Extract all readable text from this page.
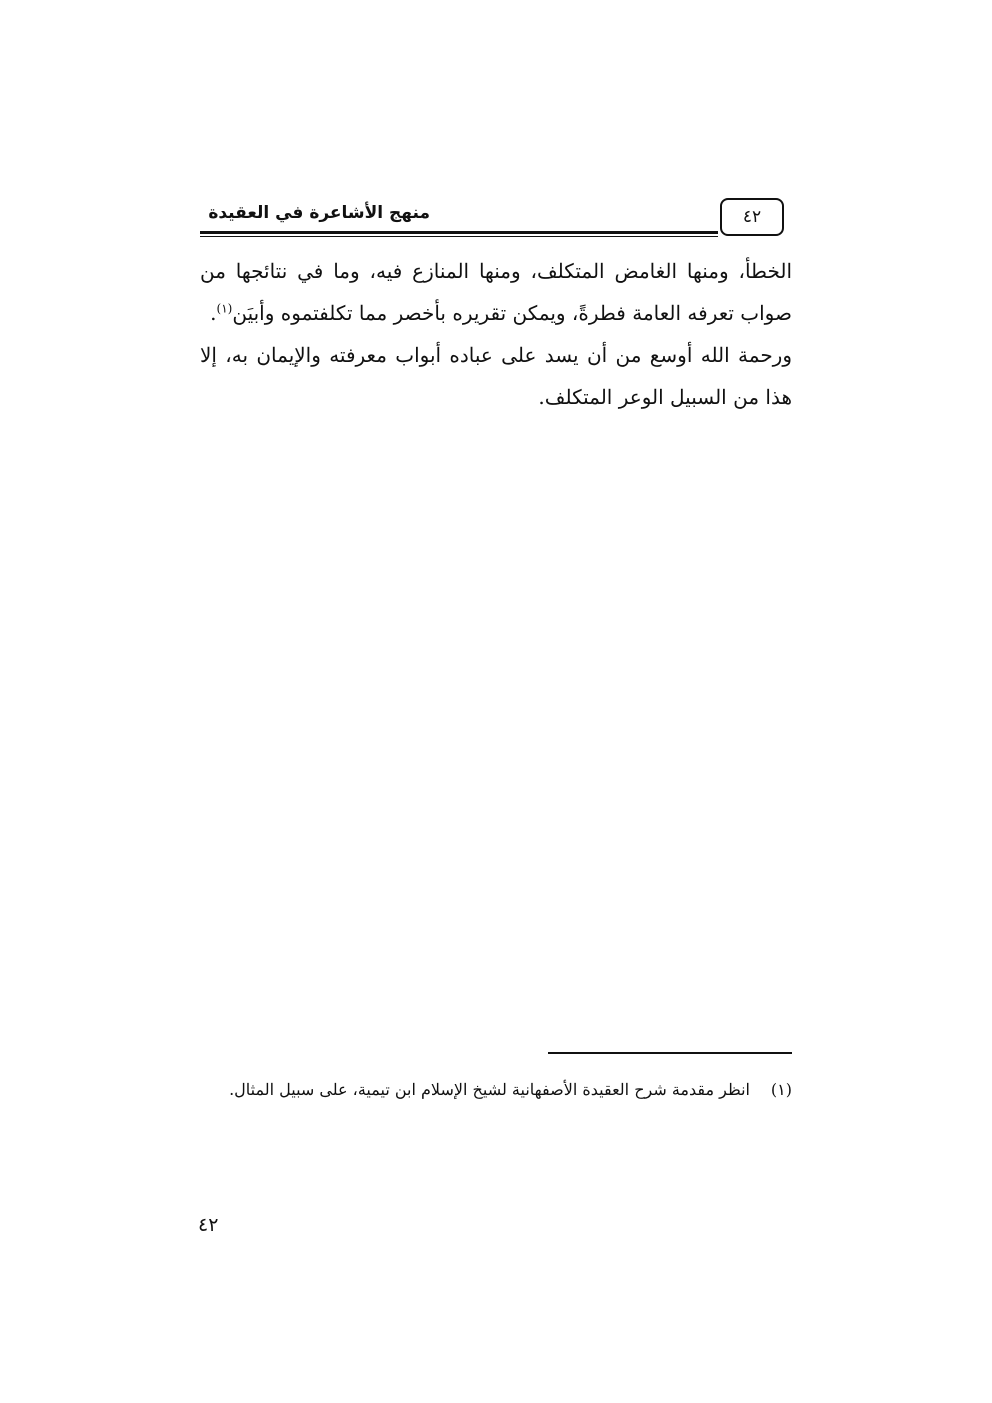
منهج الأشاعرة في العقيدة	٤٢

الخطأ، ومنها الغامض المتكلف، ومنها المنازع فيه، وما في نتائجها من صواب تعرفه العامة فطرةً، ويمكن تقريره بأخصر مما تكلفتموه وأبيَن$^{(١)}$.

ورحمة الله أوسع من أن يسد على عباده أبواب معرفته والإيمان به، إلا هذا من السبيل الوعر المتكلف.

(١)انظر مقدمة شرح العقيدة الأصفهانية لشيخ الإسلام ابن تيمية، على سبيل المثال.
٤٢
